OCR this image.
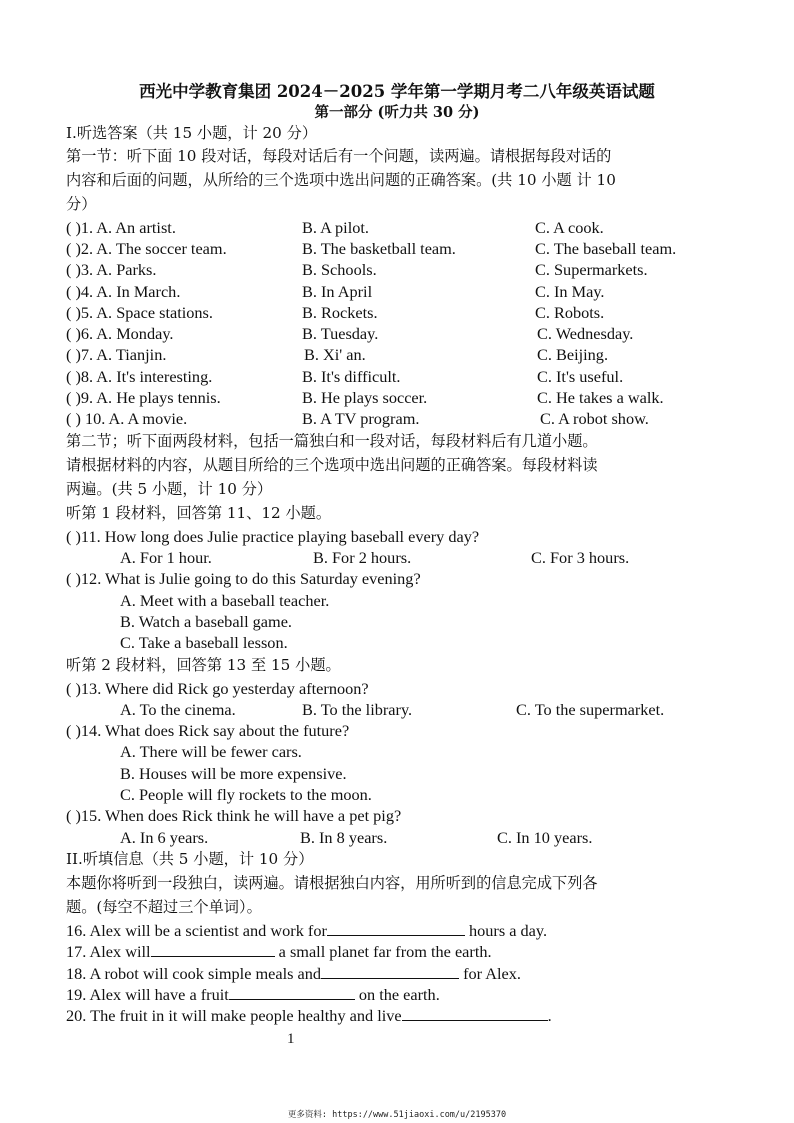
西光中学教育集团 2024－2025 学年第一学期月考二八年级英语试题
第一部分 (听力共 30 分)
I.听选答案（共 15 小题，计 20 分）
第一节：听下面 10 段对话，每段对话后有一个问题，读两遍。请根据每段对话的
内容和后面的问题，从所给的三个选项中选出问题的正确答案。(共 10 小题 计 10
分）
( )1. A. An artist.	B. A pilot.	C. A cook.
( )2. A. The soccer team.	B. The basketball team.	C. The baseball team.
( )3. A. Parks.	B. Schools.	C. Supermarkets.
( )4. A. In March.	B. In April	C. In May.
( )5. A. Space stations.	B. Rockets.	C. Robots.
( )6. A. Monday.	B. Tuesday.	C. Wednesday.
( )7. A. Tianjin.	B. Xi' an.	C. Beijing.
( )8. A. It's interesting.	B. It's difficult.	C. It's useful.
( )9. A. He plays tennis.	B. He plays soccer.	C. He takes a walk.
( ) 10. A. A movie.	B. A TV program.	C. A robot show.
第二节；听下面两段材料，包括一篇独白和一段对话，每段材料后有几道小题。
请根据材料的内容，从题目所给的三个选项中选出问题的正确答案。每段材料读
两遍。(共 5 小题，计 10 分）
听第 1 段材料，回答第 11、12 小题。
( )11. How long does Julie practice playing baseball every day?
A. For 1 hour.	B. For 2 hours.	C. For 3 hours.
( )12. What is Julie going to do this Saturday evening?
A. Meet with a baseball teacher.
B. Watch a baseball game.
C. Take a baseball lesson.
听第 2 段材料，回答第 13 至 15 小题。
( )13. Where did Rick go yesterday afternoon?
A. To the cinema.	B. To the library.	C. To the supermarket.
( )14. What does Rick say about the future?
A. There will be fewer cars.
B. Houses will be more expensive.
C. People will fly rockets to the moon.
( )15. When does Rick think he will have a pet pig?
A. In 6 years.	B. In 8 years.	C. In 10 years.
II.听填信息（共 5 小题，计 10 分）
本题你将听到一段独白，读两遍。请根据独白内容，用所听到的信息完成下列各
题。(每空不超过三个单词）。
16. Alex will be a scientist and work for	hours a day.
17. Alex will	a small planet far from the earth.
18. A robot will cook simple meals and	for Alex.
19. Alex will have a fruit	on the earth.
20. The fruit in it will make people healthy and live	.
1
更多资料: https://www.51jiaoxi.com/u/2195370
